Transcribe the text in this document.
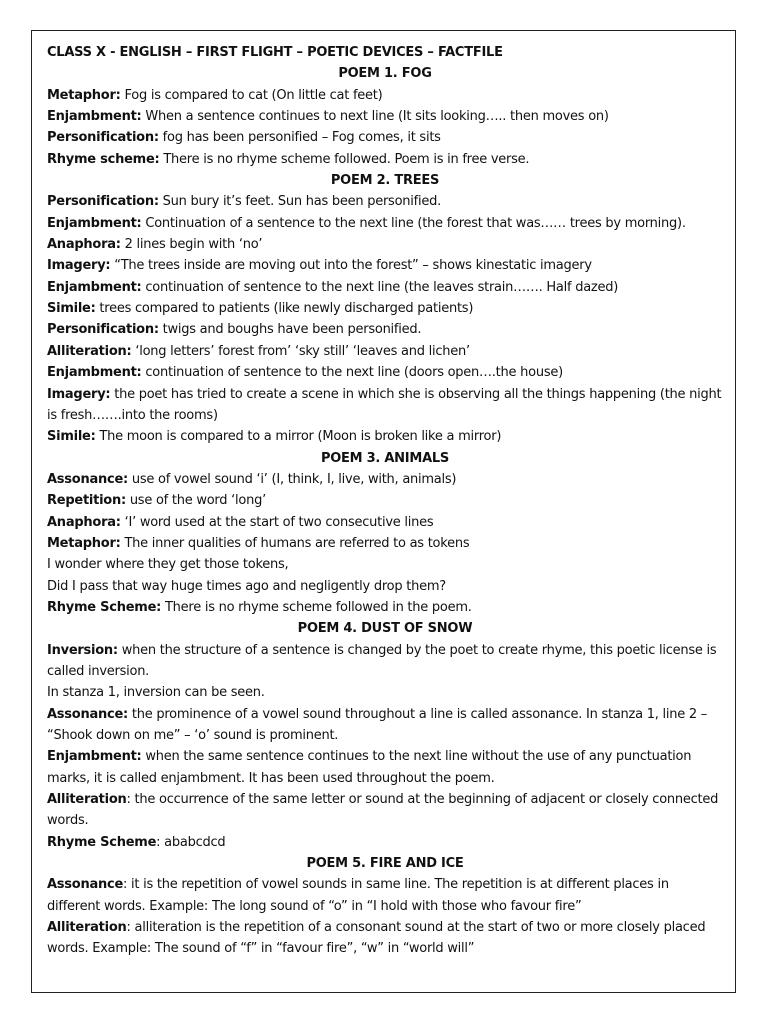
CLASS X - ENGLISH – FIRST FLIGHT – POETIC DEVICES – FACTFILE

POEM 1. FOG

Metaphor: Fog is compared to cat (On little cat feet)

Enjambment: When a sentence continues to next line (It sits looking….. then moves on)

Personification: fog has been personified – Fog comes, it sits

Rhyme scheme: There is no rhyme scheme followed. Poem is in free verse.

POEM 2. TREES

Personification: Sun bury it’s feet. Sun has been personified.

Enjambment: Continuation of a sentence to the next line (the forest that was…… trees by morning).

Anaphora: 2 lines begin with ‘no’

Imagery: “The trees inside are moving out into the forest” – shows kinestatic imagery

Enjambment: continuation of sentence to the next line (the leaves strain……. Half dazed)

Simile: trees compared to patients (like newly discharged patients)

Personification: twigs and boughs have been personified.

Alliteration: ‘long letters’ forest from’ ‘sky still’ ‘leaves and lichen’

Enjambment: continuation of sentence to the next line (doors open….the house)

Imagery: the poet has tried to create a scene in which she is observing all the things happening (the night is fresh…….into the rooms)

Simile: The moon is compared to a mirror (Moon is broken like a mirror)

POEM 3. ANIMALS

Assonance: use of vowel sound ‘i’ (I, think, I, live, with, animals)

Repetition: use of the word ‘long’

Anaphora: ‘I’ word used at the start of two consecutive lines

Metaphor: The inner qualities of humans are referred to as tokens

I wonder where they get those tokens,

Did I pass that way huge times ago and negligently drop them?

Rhyme Scheme: There is no rhyme scheme followed in the poem.

POEM 4. DUST OF SNOW

Inversion: when the structure of a sentence is changed by the poet to create rhyme, this poetic license is called inversion.

In stanza 1, inversion can be seen.

Assonance: the prominence of a vowel sound throughout a line is called assonance. In stanza 1, line 2 – “Shook down on me” – ‘o’ sound is prominent.

Enjambment: when the same sentence continues to the next line without the use of any punctuation marks, it is called enjambment. It has been used throughout the poem.

Alliteration: the occurrence of the same letter or sound at the beginning of adjacent or closely connected words.

Rhyme Scheme: ababcdcd

POEM 5. FIRE AND ICE

Assonance: it is the repetition of vowel sounds in same line. The repetition is at different places in different words. Example: The long sound of “o” in “I hold with those who favour fire”

Alliteration: alliteration is the repetition of a consonant sound at the start of two or more closely placed words. Example: The sound of “f” in “favour fire”, “w” in “world will”
